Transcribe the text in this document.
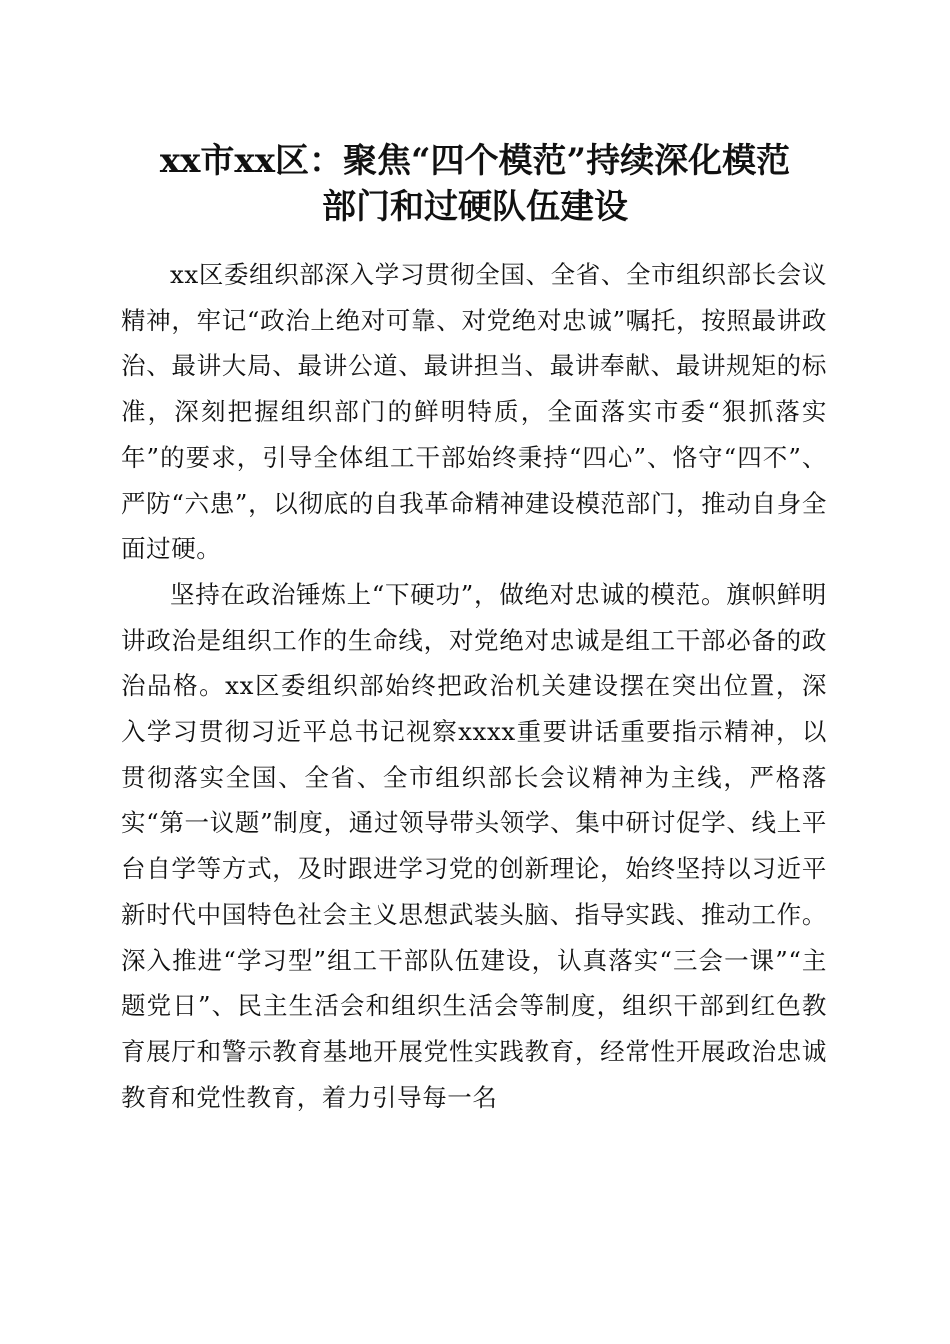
xx市xx区：聚焦“四个模范”持续深化模范
部门和过硬队伍建设

xx区委组织部深入学习贯彻全国、全省、全市组织部长会议精神，牢记“政治上绝对可靠、对党绝对忠诚”嘱托，按照最讲政治、最讲大局、最讲公道、最讲担当、最讲奉献、最讲规矩的标准，深刻把握组织部门的鲜明特质，全面落实市委“狠抓落实年”的要求，引导全体组工干部始终秉持“四心”、恪守“四不”、严防“六患”，以彻底的自我革命精神建设模范部门，推动自身全面过硬。

坚持在政治锤炼上“下硬功”，做绝对忠诚的模范。旗帜鲜明讲政治是组织工作的生命线，对党绝对忠诚是组工干部必备的政治品格。xx区委组织部始终把政治机关建设摆在突出位置，深入学习贯彻习近平总书记视察xxxx重要讲话重要指示精神，以贯彻落实全国、全省、全市组织部长会议精神为主线，严格落实“第一议题”制度，通过领导带头领学、集中研讨促学、线上平台自学等方式，及时跟进学习党的创新理论，始终坚持以习近平新时代中国特色社会主义思想武装头脑、指导实践、推动工作。深入推进“学习型”组工干部队伍建设，认真落实“三会一课”“主题党日”、民主生活会和组织生活会等制度，组织干部到红色教育展厅和警示教育基地开展党性实践教育，经常性开展政治忠诚教育和党性教育，着力引导每一名
